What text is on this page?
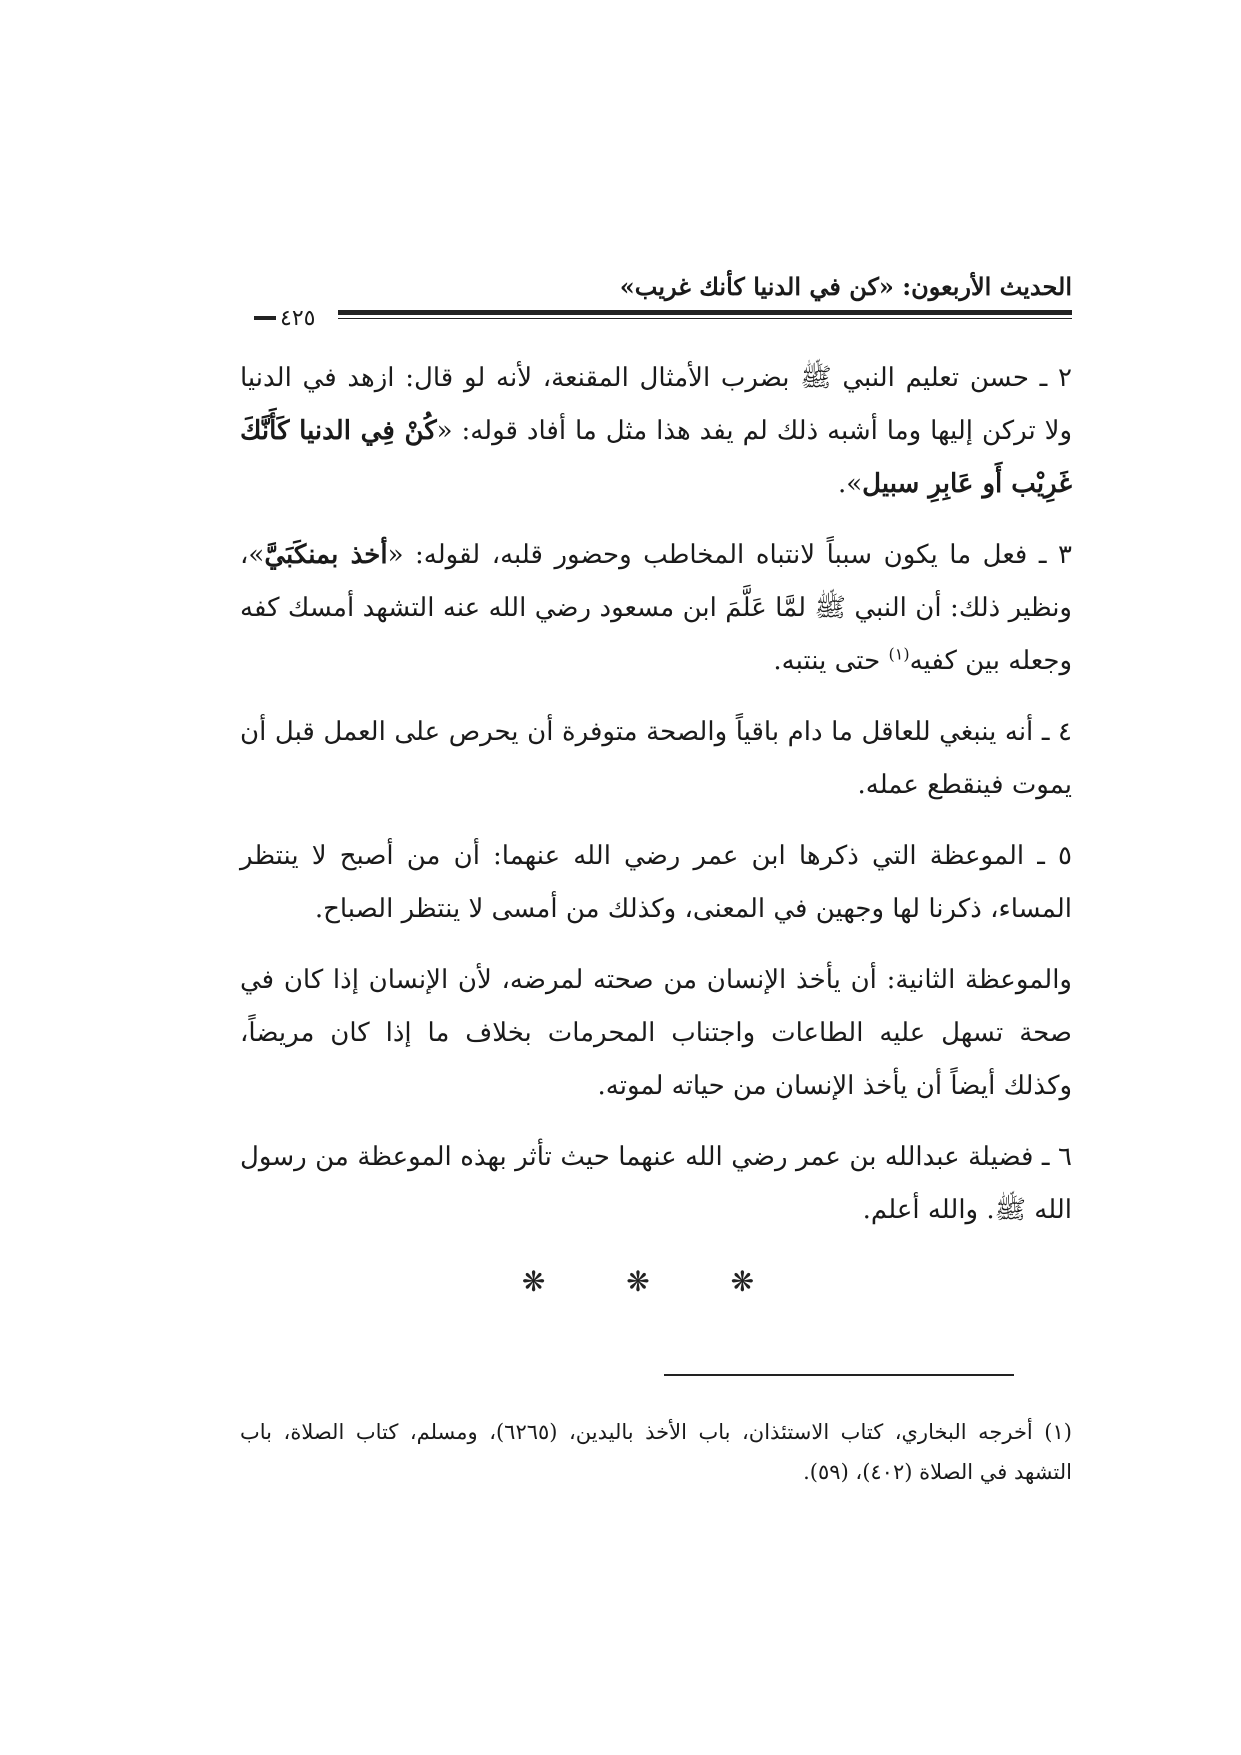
الحديث الأربعون: «كن في الدنيا كأنك غريب»
٤٢٥

٢ ـ حسن تعليم النبي ﷺ بضرب الأمثال المقنعة، لأنه لو قال: ازهد في الدنيا ولا تركن إليها وما أشبه ذلك لم يفد هذا مثل ما أفاد قوله: «كُنْ فِي الدنيا كَأَنَّكَ غَرِيْب أَو عَابِرِ سبيل».

٣ ـ فعل ما يكون سبباً لانتباه المخاطب وحضور قلبه، لقوله: «أخذ بمنكَبَيَّ»، ونظير ذلك: أن النبي ﷺ لمَّا عَلَّمَ ابن مسعود رضي الله عنه التشهد أمسك كفه وجعله بين كفيه$^{(١)}$ حتى ينتبه.

٤ ـ أنه ينبغي للعاقل ما دام باقياً والصحة متوفرة أن يحرص على العمل قبل أن يموت فينقطع عمله.

٥ ـ الموعظة التي ذكرها ابن عمر رضي الله عنهما: أن من أصبح لا ينتظر المساء، ذكرنا لها وجهين في المعنى، وكذلك من أمسى لا ينتظر الصباح.

والموعظة الثانية: أن يأخذ الإنسان من صحته لمرضه، لأن الإنسان إذا كان في صحة تسهل عليه الطاعات واجتناب المحرمات بخلاف ما إذا كان مريضاً، وكذلك أيضاً أن يأخذ الإنسان من حياته لموته.

٦ ـ فضيلة عبدالله بن عمر رضي الله عنهما حيث تأثر بهذه الموعظة من رسول الله ﷺ. والله أعلم.

❋ ❋ ❋

(١) أخرجه البخاري، كتاب الاستئذان، باب الأخذ باليدين، (٦٢٦٥)، ومسلم، كتاب الصلاة، باب التشهد في الصلاة (٤٠٢)، (٥٩).
